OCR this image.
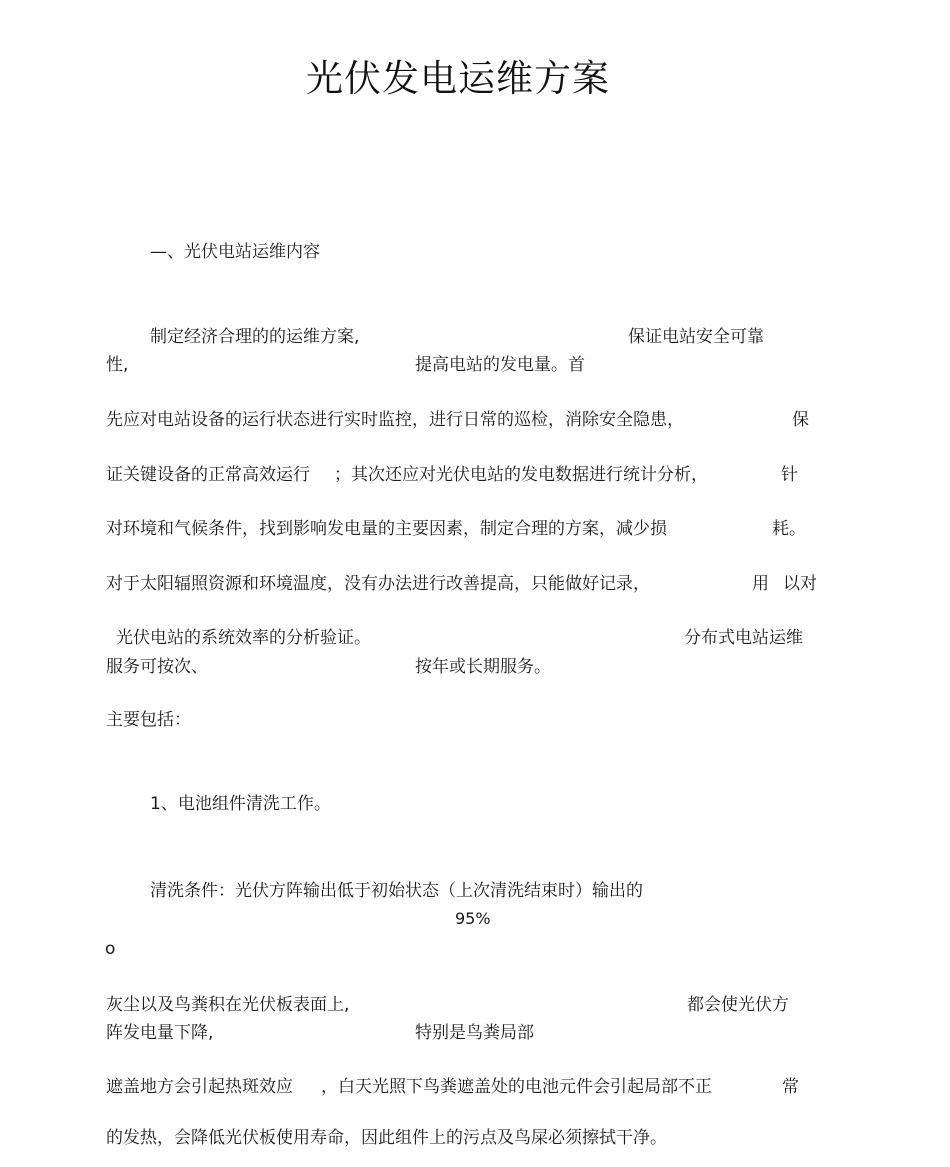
光伏发电运维方案
—、光伏电站运维内容
制定经济合理的的运维方案,	保证电站安全可靠
性,	提高电站的发电量。首
先应对电站设备的运行状态进行实时监控，进行日常的巡检，消除安全隐患，	保
证关键设备的正常高效运行 ；其次还应对光伏电站的发电数据进行统计分析，	针
对环境和气候条件，找到影响发电量的主要因素，制定合理的方案，减少损	耗。
对于太阳辐照资源和环境温度，没有办法进行改善提高，只能做好记录，	用 以对
光伏电站的系统效率的分析验证。	分布式电站运维
服务可按次、	按年或长期服务。
主要包括：
1、电池组件清洗工作。
清洗条件：光伏方阵输出低于初始状态（上次清洗结束时）输出的
95%
o
灰尘以及鸟粪积在光伏板表面上,	都会使光伏方
阵发电量下降,	特别是鸟粪局部
遮盖地方会引起热斑效应 ，白天光照下鸟粪遮盖处的电池元件会引起局部不正	常
的发热，会降低光伏板使用寿命，因此组件上的污点及鸟屎必须擦拭干净。
